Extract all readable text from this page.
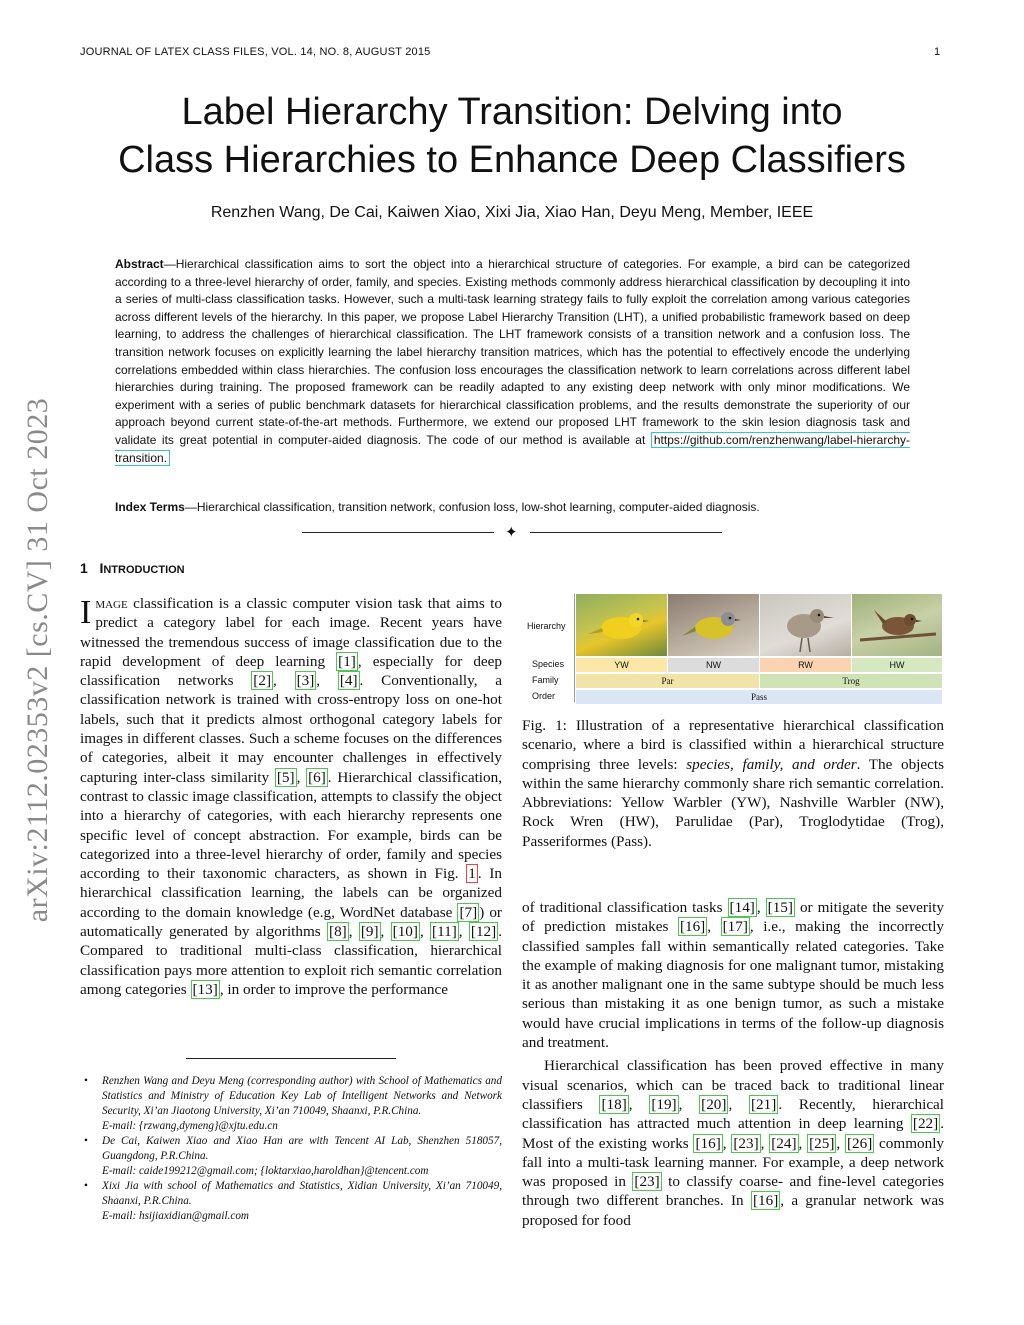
JOURNAL OF LATEX CLASS FILES, VOL. 14, NO. 8, AUGUST 2015	1
Label Hierarchy Transition: Delving into
Class Hierarchies to Enhance Deep Classifiers
Renzhen Wang, De Cai, Kaiwen Xiao, Xixi Jia, Xiao Han, Deyu Meng, Member, IEEE
Abstract—Hierarchical classification aims to sort the object into a hierarchical structure of categories. For example, a bird can be categorized according to a three-level hierarchy of order, family, and species. Existing methods commonly address hierarchical classification by decoupling it into a series of multi-class classification tasks. However, such a multi-task learning strategy fails to fully exploit the correlation among various categories across different levels of the hierarchy. In this paper, we propose Label Hierarchy Transition (LHT), a unified probabilistic framework based on deep learning, to address the challenges of hierarchical classification. The LHT framework consists of a transition network and a confusion loss. The transition network focuses on explicitly learning the label hierarchy transition matrices, which has the potential to effectively encode the underlying correlations embedded within class hierarchies. The confusion loss encourages the classification network to learn correlations across different label hierarchies during training. The proposed framework can be readily adapted to any existing deep network with only minor modifications. We experiment with a series of public benchmark datasets for hierarchical classification problems, and the results demonstrate the superiority of our approach beyond current state-of-the-art methods. Furthermore, we extend our proposed LHT framework to the skin lesion diagnosis task and validate its great potential in computer-aided diagnosis. The code of our method is available at https://github.com/renzhenwang/label-hierarchy-transition.
Index Terms—Hierarchical classification, transition network, confusion loss, low-shot learning, computer-aided diagnosis.
✦
arXiv:2112.02353v2 [cs.CV] 31 Oct 2023 1 INTRODUCTION
Image classification is a classic computer vision task that aims to predict a category label for each image. Recent years have witnessed the tremendous success of image classification due to the rapid development of deep learning [1] , especially for deep classification networks [2] , [3] , [4] . Conventionally, a classification network is trained with cross-entropy loss on one-hot labels, such that it predicts almost orthogonal category labels for images in different classes. Such a scheme focuses on the differences of categories, albeit it may encounter challenges in effectively capturing inter-class similarity [5] , [6] . Hierarchical classification, contrast to classic image classification, attempts to classify the object into a hierarchy of categories, with each hierarchy represents one specific level of concept abstraction. For example, birds can be categorized into a three-level hierarchy of order, family and species according to their taxonomic characters, as shown in Fig. 1 . In hierarchical classification learning, the labels can be organized according to the domain knowledge (e.g, WordNet database [7] ) or automatically generated by algorithms [8] , [9] , [10] , [11] , [12] . Compared to traditional multi-class classification, hierarchical classification pays more attention to exploit rich semantic correlation among categories [13] , in order to improve the performance
• Renzhen Wang and Deyu Meng (corresponding author) with School of Mathematics and Statistics and Ministry of Education Key Lab of Intelligent Networks and Network Security, Xi’an Jiaotong University, Xi’an 710049, Shaanxi, P.R.China.
E-mail: {rzwang,dymeng}@xjtu.edu.cn
• De Cai, Kaiwen Xiao and Xiao Han are with Tencent AI Lab, Shenzhen 518057, Guangdong, P.R.China.
E-mail: caide199212@gmail.com; {loktarxiao,haroldhan}@tencent.com
• Xixi Jia with school of Mathematics and Statistics, Xidian University, Xi’an 710049, Shaanxi, P.R.China.
E-mail: hsijiaxidian@gmail.com
Hierarchy
Species
Family
Order
YW	NW	RW	HW
Par	Trog
Pass
Fig. 1: Illustration of a representative hierarchical classification scenario, where a bird is classified within a hierarchical structure comprising three levels: species, family, and order. The objects within the same hierarchy commonly share rich semantic correlation. Abbreviations: Yellow Warbler (YW), Nashville Warbler (NW), Rock Wren (HW), Parulidae (Par), Troglodytidae (Trog), Passeriformes (Pass).
of traditional classification tasks [14] , [15] or mitigate the severity of prediction mistakes [16] , [17] , i.e., making the incorrectly classified samples fall within semantically related categories. Take the example of making diagnosis for one malignant tumor, mistaking it as another malignant one in the same subtype should be much less serious than mistaking it as one benign tumor, as such a mistake would have crucial implications in terms of the follow-up diagnosis and treatment.
Hierarchical classification has been proved effective in many visual scenarios, which can be traced back to traditional linear classifiers [18] , [19] , [20] , [21] . Recently, hierarchical classification has attracted much attention in deep learning [22] . Most of the existing works [16] , [23] , [24] , [25] , [26] commonly fall into a multi-task learning manner. For example, a deep network was proposed in [23] to classify coarse- and fine-level categories through two different branches. In [16] , a granular network was proposed for food
